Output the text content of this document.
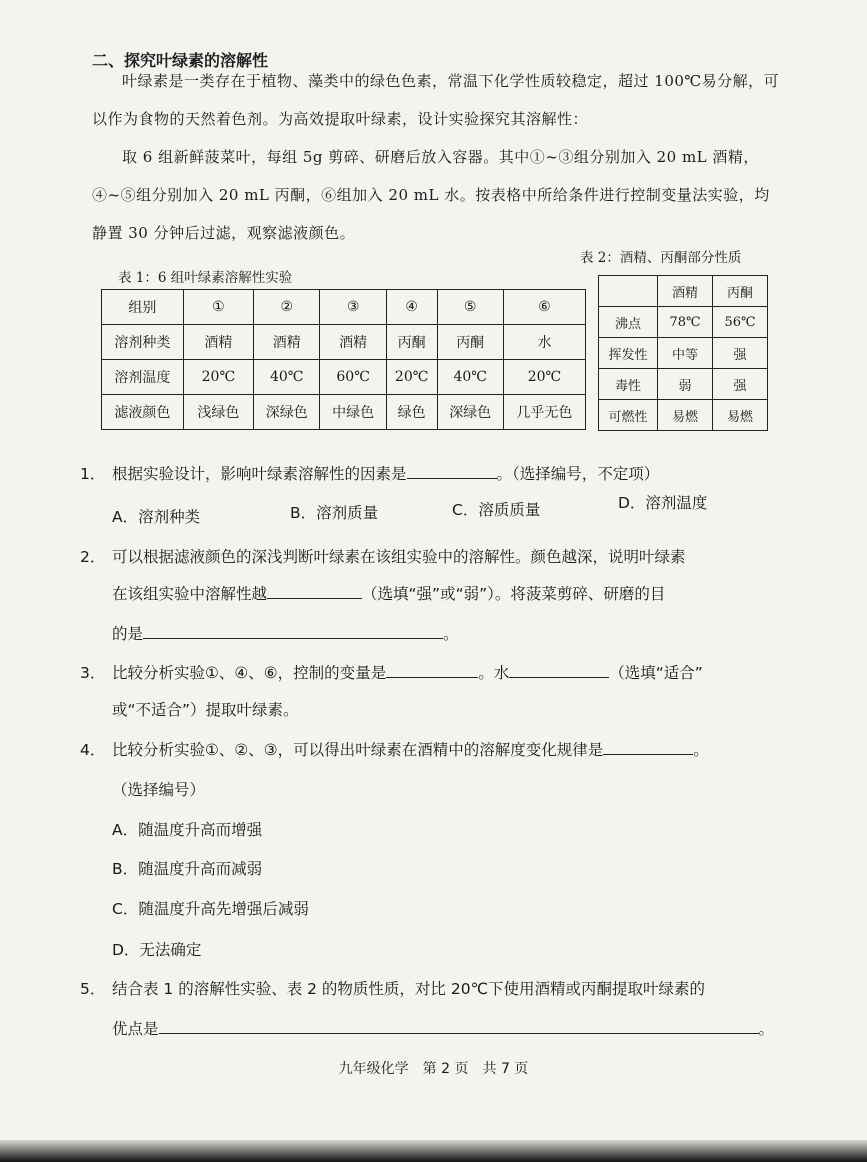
二、探究叶绿素的溶解性
叶绿素是一类存在于植物、藻类中的绿色色素，常温下化学性质较稳定，超过 100℃易分解，可以作为食物的天然着色剂。为高效提取叶绿素，设计实验探究其溶解性：
取 6 组新鲜菠菜叶，每组 5g 剪碎、研磨后放入容器。其中①~③组分别加入 20 mL 酒精，④~⑤组分别加入 20 mL 丙酮，⑥组加入 20 mL 水。按表格中所给条件进行控制变量法实验，均静置 30 分钟后过滤，观察滤液颜色。
表 1：6 组叶绿素溶解性实验
表 2：酒精、丙酮部分性质
组别	①	②	③	④	⑤	⑥
溶剂种类	酒精	酒精	酒精	丙酮	丙酮	水
溶剂温度	20℃	40℃	60℃	20℃	40℃	20℃
滤液颜色	浅绿色	深绿色	中绿色	绿色	深绿色	几乎无色
	酒精	丙酮
沸点	78℃	56℃
挥发性	中等	强
毒性	弱	强
可燃性	易燃	易燃
1． 根据实验设计，影响叶绿素溶解性的因素是	。（选择编号，不定项）
A．溶剂种类	B．溶剂质量	C．溶质质量	D．溶剂温度
2． 可以根据滤液颜色的深浅判断叶绿素在该组实验中的溶解性。颜色越深，说明叶绿素
在该组实验中溶解性越	（选填“强”或“弱”）。将菠菜剪碎、研磨的目
的是	。
3． 比较分析实验①、④、⑥，控制的变量是	。水	（选填“适合”
或“不适合”）提取叶绿素。
4． 比较分析实验①、②、③，可以得出叶绿素在酒精中的溶解度变化规律是	。
（选择编号）
A．随温度升高而增强
B．随温度升高而减弱
C．随温度升高先增强后减弱
D．无法确定
5． 结合表 1 的溶解性实验、表 2 的物质性质，对比 20℃下使用酒精或丙酮提取叶绿素的
优点是	。
九年级化学　第 2 页　共 7 页
